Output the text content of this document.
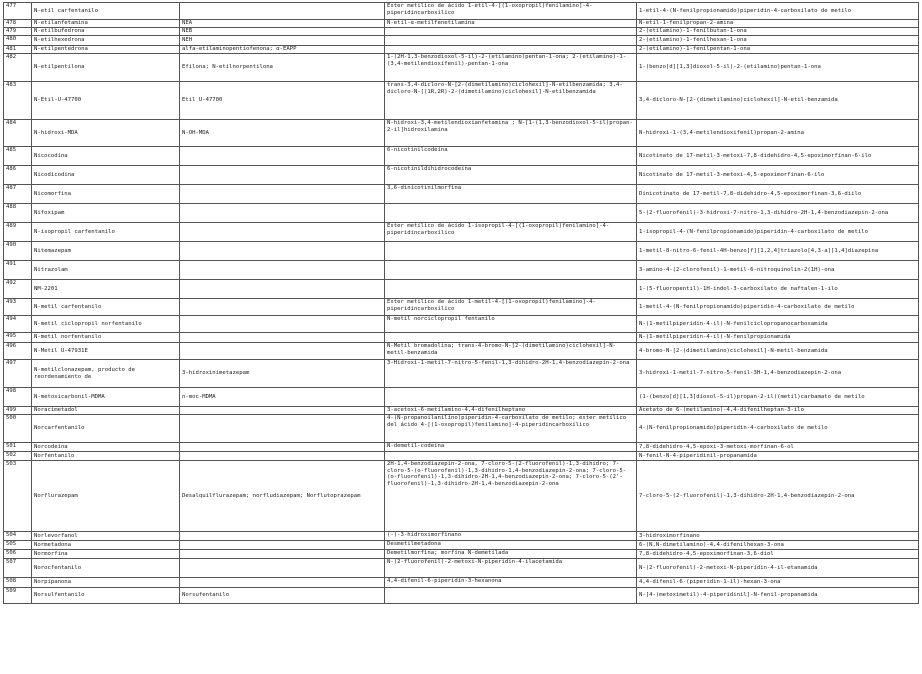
477	N-etil carfentanilo		Éster metílico de ácido 1-etil-4-[(1-oxopropil)fenilamino]-4-piperidincarboxílico	1-etil-4-(N-fenilpropionamido)piperidin-4-carboxilato de metilo
478	N-etilanfetamina	NEA	N-etil-α-metilfenetilamina	N-etil-1-fenilpropan-2-amina
479	N-etilbufedrona	NEB		2-(etilamino)-1-fenilbutan-1-ona
480	N-etilhexedrona	NEH		2-(etilamino)-1-fenilhexan-1-ona
481	N-etilpentedrona	alfa-etilaminopentiofenona; α-EAPP		2-(etilamino)-1-fenilpentan-1-ona
482	N-etilpentilona	Efilona; N-etilnorpentilona	1-(2H-1,3-benzodioxol-5-il)-2-(etilamino)pentan-1-ona; 2-(etilamino)-1-(3,4-metilendioxifenil)-pentan-1-ona	1-(benzo[d][1,3]dioxol-5-il)-2-(etilamino)pentan-1-ona
483	N-Etil-U-47700	Etil U-47700	trans-3,4-dicloro-N-[2-(dimetilamino)ciclohexil]-N-etilbenzamida; 3,4-dicloro-N-[(1R,2R)-2-(dimetilamino)ciclohexil]-N-etilbenzamida	3,4-dicloro-N-[2-(dimetilamino)ciclohexil]-N-etil-benzamida
484	N-hidroxi-MDA	N-OH-MDA	N-hidroxi-3,4-metilendioxianfetamina ; N-[1-(1,3-benzodioxol-5-il)propan-2-il]hidroxilamina	N-hidroxi-1-(3,4-metilendioxifenil)propan-2-amina
485	Nicocodina		6-nicotinilcodeína	Nicotinato de 17-metil-3-metoxi-7,8-didehidro-4,5-epoximorfinan-6-ilo
486	Nicodicodina		6-nicotinildihidrocodeína	Nicotinato de 17-metil-3-metoxi-4,5-epoximorfinan-6-ilo
487	Nicomorfina		3,6-dinicotinilmorfina	Dinicotinato de 17-metil-7,8-didehidro-4,5-epoximorfinan-3,6-diilo
488	Nifoxipam			5-(2-fluorofenil)-3-hidroxi-7-nitro-1,3-dihidro-2H-1,4-benzodiazepin-2-ona
489	N-isopropil carfentanilo		Éster metílico de ácido 1-isopropil-4-[(1-oxopropil)fenilamino]-4-piperidincarboxílico	1-isopropil-4-(N-fenilpropionamido)piperidin-4-carboxilato de metilo
490	Nitemazepam			1-metil-8-nitro-6-fenil-4H-benzo[f][1,2,4]triazolo[4,3-a][1,4]diazepina
491	Nitrazolam			3-amino-4-(2-clorofenil)-1-metil-6-nitroquinolin-2(1H)-ona
492	NM-2201			1-(5-fluoropentil)-1H-indol-3-carboxilato de naftalen-1-ilo
493	N-metil carfentanilo		Éster metílico de ácido 1-metil-4-[(1-oxopropil)fenilamino]-4-piperidincarboxílico	1-metil-4-(N-fenilpropionamido)piperidin-4-carboxilato de metilo
494	N-metil ciclopropil norfentanilo		N-metil norciclopropil fentanilo	N-(1-metilpiperidin-4-il)-N-fenilciclopropanocarboxamida
495	N-metil norfentanilo			N-(1-metilpiperidin-4-il)-N-fenilpropionamida
496	N-Metil U-47931E		N-Metil bromadolina; trans-4-bromo-N-[2-(dimetilamino)ciclohexil]-N-metil-benzamida	4-bromo-N-[2-(dimetilamino)ciclohexil]-N-metil-benzamida
497	N-metilclonazepam, producto de reordenamiento de	3-hidroxinimetazepam	3-Hidroxi-1-metil-7-nitro-5-fenil-1,3-dihidro-2H-1,4-benzodiazepin-2-ona	3-hidroxi-1-metil-7-nitro-5-fenil-3H-1,4-benzodiazepin-2-ona
498	N-metoxicarbonil-MDMA	n-moc-MDMA		(1-(benzo[d][1,3]dioxol-5-il)propan-2-il)(metil)carbamato de metilo
499	Noracimetadol		3-acetoxi-6-metilamino-4,4-difenilheptano	Acetato de 6-(metilamino)-4,4-difenilheptan-3-ilo
500	Norcarfentanilo		4-(N-propanoilanilino)piperidin-4-carboxilato de metilo; éster metílico del ácido 4-[(1-oxopropil)fenilamino]-4-piperidincarboxílico	4-(N-fenilpropionamido)piperidin-4-carboxilato de metilo
501	Norcodeína		N-demetil-codeína	7,8-didehidro-4,5-epoxi-3-metoxi-morfinan-6-ol
502	Norfentanilo			N-fenil-N-4-piperidinil-propanamida
503	Norflurazepam	Desalquilflurazepam; norfludiazepam; Norflutoprazepam	2H-1,4-benzodiazepin-2-ona, 7-cloro-5-(2-fluorofenil)-1,3-dihidro; 7-cloro-5-(o-fluorofenil)-1,3-dihidro-1,4-benzodiazepin-2-ona; 7-cloro-5-(o-fluorofenil)-1,3-dihidro-2H-1,4-benzodiazepin-2-ona; 7-cloro-5-(2'-fluorofenil)-1,3-dihidro-2H-1,4-benzodiazepin-2-ona	7-cloro-5-(2-fluorofenil)-1,3-dihidro-2H-1,4-benzodiazepin-2-ona
504	Norlevorfanol		(-)-3-hidroximorfinano	3-hidroximorfinano
505	Normetadona		Desmetilmetadona	6-(N,N-dimetilamino)-4,4-difenilhexan-3-ona
506	Normorfina		Demetilmorfina; morfina N-demetilada	7,8-didehidro-4,5-epoximorfinan-3,6-diol
507	Norocfentanilo		N-(2-fluorofenil)-2-metoxi-N-piperidin-4-ilacetamida	N-(2-fluorofenil)-2-metoxi-N-piperidin-4-il-etanamida
508	Norpipanona		4,4-difenil-6-piperidin-3-hexanona	4,4-difenil-6-(piperidin-1-il)-hexan-3-ona
509	Norsulfentanilo	Norsufentanilo		N-[4-(metoximetil)-4-piperidinil]-N-fenil-propanamida
